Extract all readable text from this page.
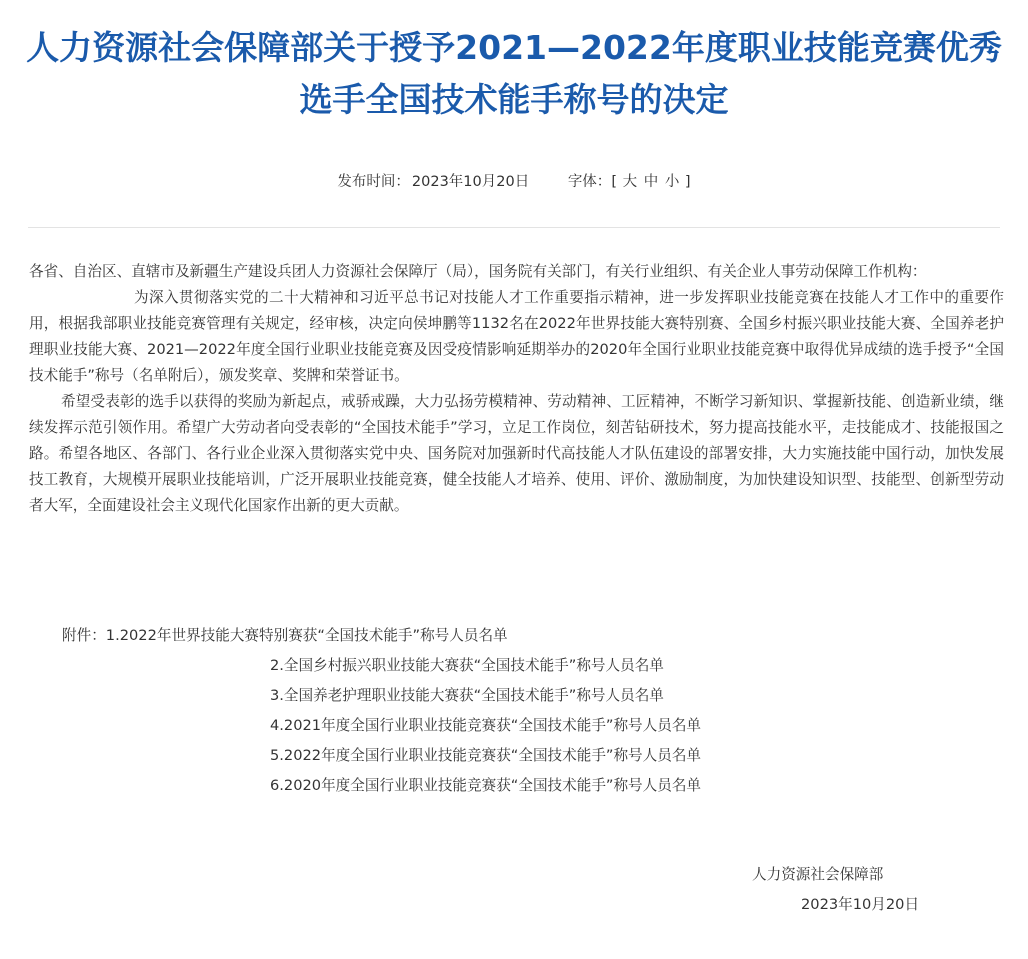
人力资源社会保障部关于授予2021—2022年度职业技能竞赛优秀选手全国技术能手称号的决定
发布时间： 2023年10月20日	字体：[ 大 中 小 ]

各省、自治区、直辖市及新疆生产建设兵团人力资源社会保障厅（局），国务院有关部门，有关行业组织、有关企业人事劳动保障工作机构：

为深入贯彻落实党的二十大精神和习近平总书记对技能人才工作重要指示精神，进一步发挥职业技能竞赛在技能人才工作中的重要作用，根据我部职业技能竞赛管理有关规定，经审核，决定向侯坤鹏等1132名在2022年世界技能大赛特别赛、全国乡村振兴职业技能大赛、全国养老护理职业技能大赛、2021—2022年度全国行业职业技能竞赛及因受疫情影响延期举办的2020年全国行业职业技能竞赛中取得优异成绩的选手授予“全国技术能手”称号（名单附后），颁发奖章、奖牌和荣誉证书。

希望受表彰的选手以获得的奖励为新起点，戒骄戒躁，大力弘扬劳模精神、劳动精神、工匠精神，不断学习新知识、掌握新技能、创造新业绩，继续发挥示范引领作用。希望广大劳动者向受表彰的“全国技术能手”学习，立足工作岗位，刻苦钻研技术，努力提高技能水平，走技能成才、技能报国之路。希望各地区、各部门、各行业企业深入贯彻落实党中央、国务院对加强新时代高技能人才队伍建设的部署安排，大力实施技能中国行动，加快发展技工教育，大规模开展职业技能培训，广泛开展职业技能竞赛，健全技能人才培养、使用、评价、激励制度，为加快建设知识型、技能型、创新型劳动者大军，全面建设社会主义现代化国家作出新的更大贡献。

附件：1.2022年世界技能大赛特别赛获“全国技术能手”称号人员名单
2.全国乡村振兴职业技能大赛获“全国技术能手”称号人员名单
3.全国养老护理职业技能大赛获“全国技术能手”称号人员名单
4.2021年度全国行业职业技能竞赛获“全国技术能手”称号人员名单
5.2022年度全国行业职业技能竞赛获“全国技术能手”称号人员名单
6.2020年度全国行业职业技能竞赛获“全国技术能手”称号人员名单
人力资源社会保障部
2023年10月20日
